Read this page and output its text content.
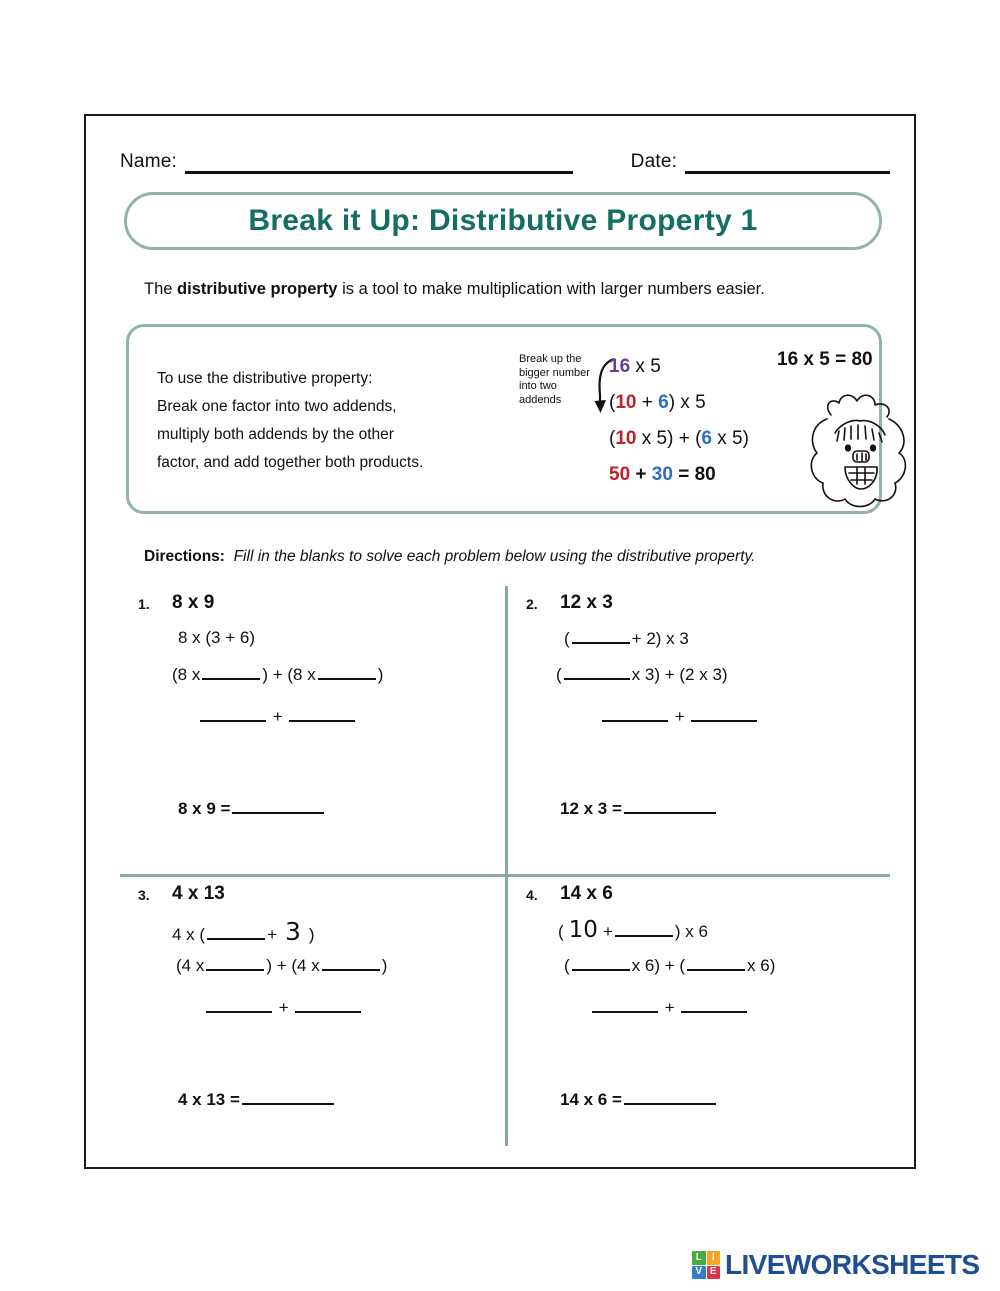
Name:	Date:
Break it Up: Distributive Property 1
The distributive property is a tool to make multiplication with larger numbers easier.
To use the distributive property:
Break one factor into two addends,
multiply both addends by the other
factor, and add together both products.
Break up the bigger number into two addends
16 x 5
(10 + 6) x 5
(10 x 5) + (6 x 5)
50 + 30 = 80
16 x 5 = 80
Directions: Fill in the blanks to solve each problem below using the distributive property.
1. 8 x 9
8 x (3 + 6)
(8 x	) + (8 x	)
+
8 x 9 =
2. 12 x 3
(	+ 2) x 3
(	x 3) + (2 x 3)
+
12 x 3 =
3. 4 x 13
4 x (	+ 3 )
(4 x	) + (4 x	)
+
4 x 13 =
4. 14 x 6
( 10 +	) x 6
(	x 6) + (	x 6)
+
14 x 6 =
L	I
V E LIVEWORKSHEETS
